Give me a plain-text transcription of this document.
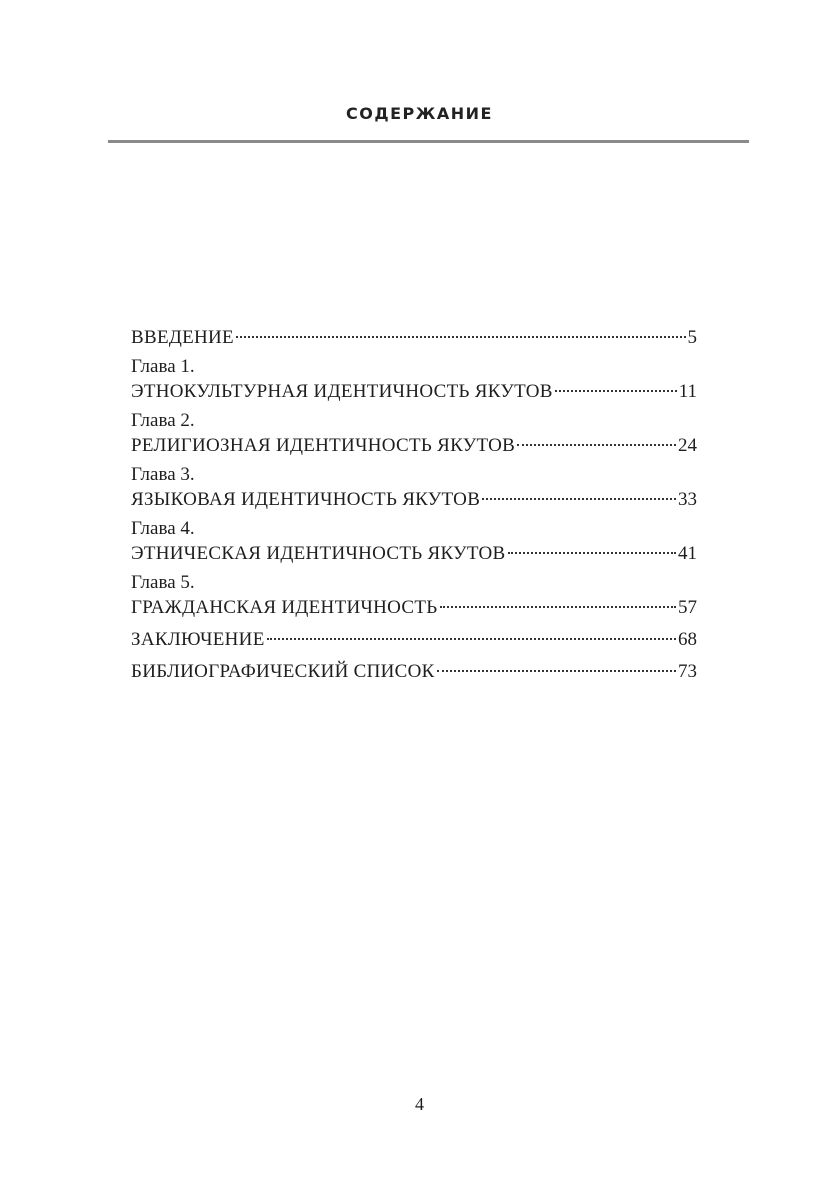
СОДЕРЖАНИЕ
ВВЕДЕНИЕ	5
Глава 1.
ЭТНОКУЛЬТУРНАЯ ИДЕНТИЧНОСТЬ ЯКУТОВ	11
Глава 2.
РЕЛИГИОЗНАЯ ИДЕНТИЧНОСТЬ ЯКУТОВ	24
Глава 3.
ЯЗЫКОВАЯ ИДЕНТИЧНОСТЬ ЯКУТОВ	33
Глава 4.
ЭТНИЧЕСКАЯ ИДЕНТИЧНОСТЬ ЯКУТОВ	41
Глава 5.
ГРАЖДАНСКАЯ ИДЕНТИЧНОСТЬ	57
ЗАКЛЮЧЕНИЕ	68
БИБЛИОГРАФИЧЕСКИЙ СПИСОК	73
4
